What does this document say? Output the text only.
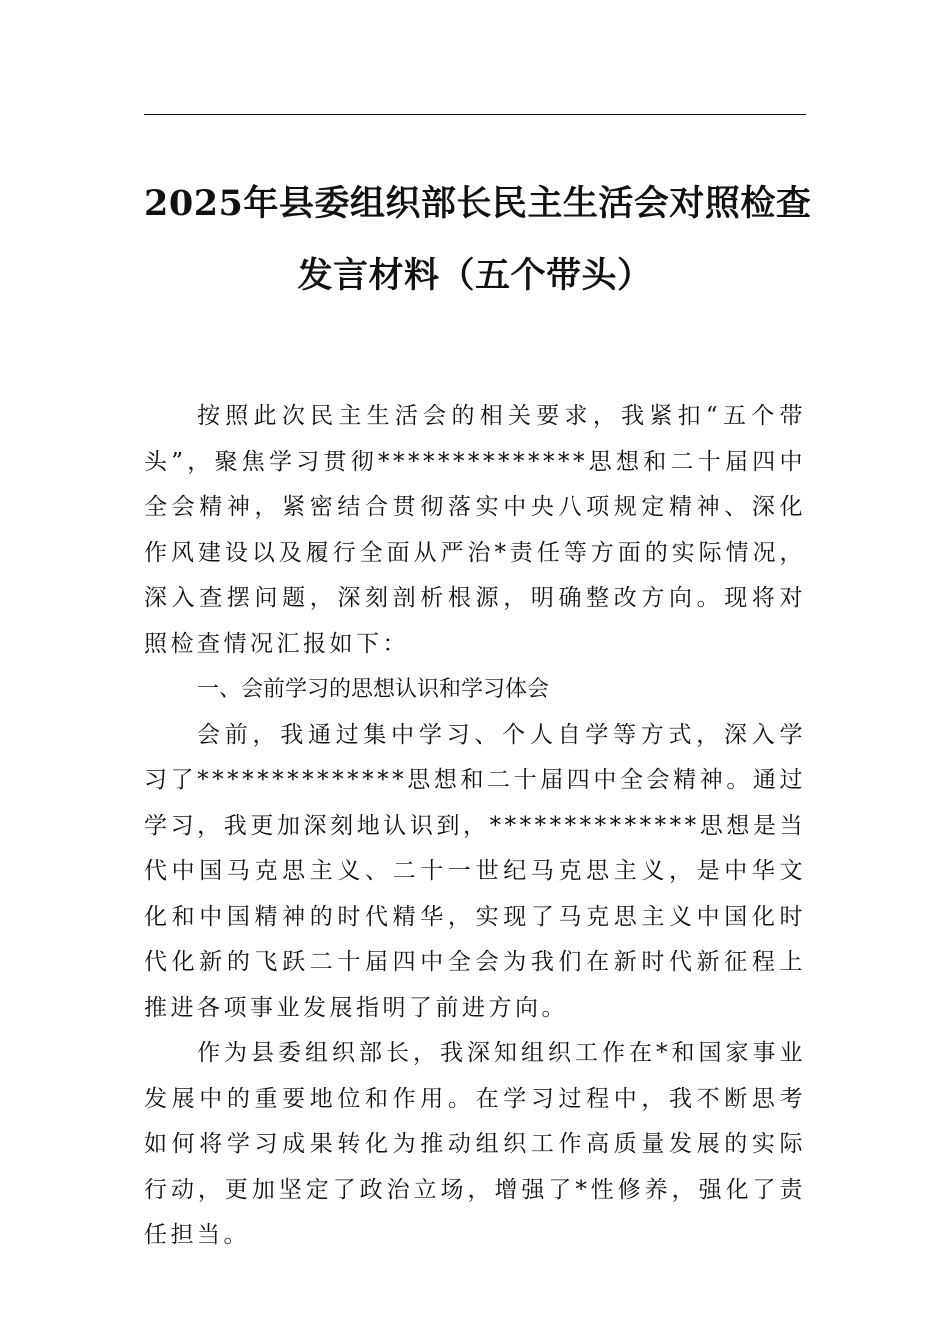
2025年县委组织部长民主生活会对照检查
发言材料（五个带头）

按照此次民主生活会的相关要求，我紧扣“五个带头”，聚焦学习贯彻**************思想和二十届四中全会精神，紧密结合贯彻落实中央八项规定精神、深化作风建设以及履行全面从严治*责任等方面的实际情况，深入查摆问题，深刻剖析根源，明确整改方向。现将对照检查情况汇报如下：

一、会前学习的思想认识和学习体会

会前，我通过集中学习、个人自学等方式，深入学习了**************思想和二十届四中全会精神。通过学习，我更加深刻地认识到，**************思想是当代中国马克思主义、二十一世纪马克思主义，是中华文化和中国精神的时代精华，实现了马克思主义中国化时代化新的飞跃二十届四中全会为我们在新时代新征程上推进各项事业发展指明了前进方向。

作为县委组织部长，我深知组织工作在*和国家事业发展中的重要地位和作用。在学习过程中，我不断思考如何将学习成果转化为推动组织工作高质量发展的实际行动，更加坚定了政治立场，增强了*性修养，强化了责任担当。
